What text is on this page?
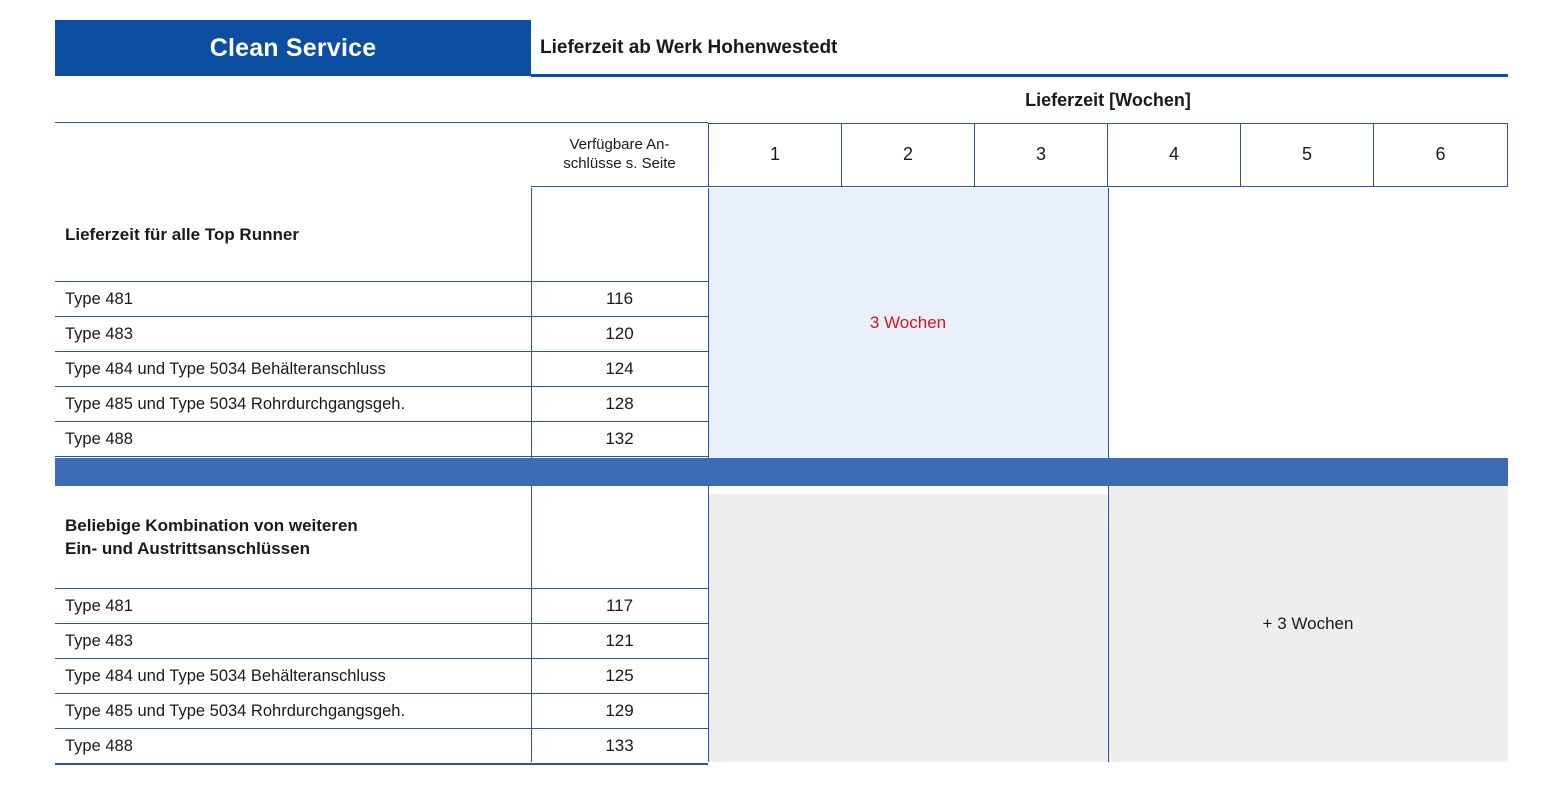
Clean Service	Lieferzeit ab Werk Hohenwestedt
Lieferzeit [Wochen]
Verfügbare An-
schlüsse s. Seite	1	2	3	4	5	6
3 Wochen
Lieferzeit für alle Top Runner
Type 481	116
Type 483	120
Type 484 und Type 5034 Behälteranschluss	124
Type 485 und Type 5034 Rohrdurchgangsgeh.	128
Type 488	132
+ 3 Wochen
Beliebige Kombination von weiteren
Ein- und Austrittsanschlüssen
Type 481	117
Type 483	121
Type 484 und Type 5034 Behälteranschluss	125
Type 485 und Type 5034 Rohrdurchgangsgeh.	129
Type 488	133
